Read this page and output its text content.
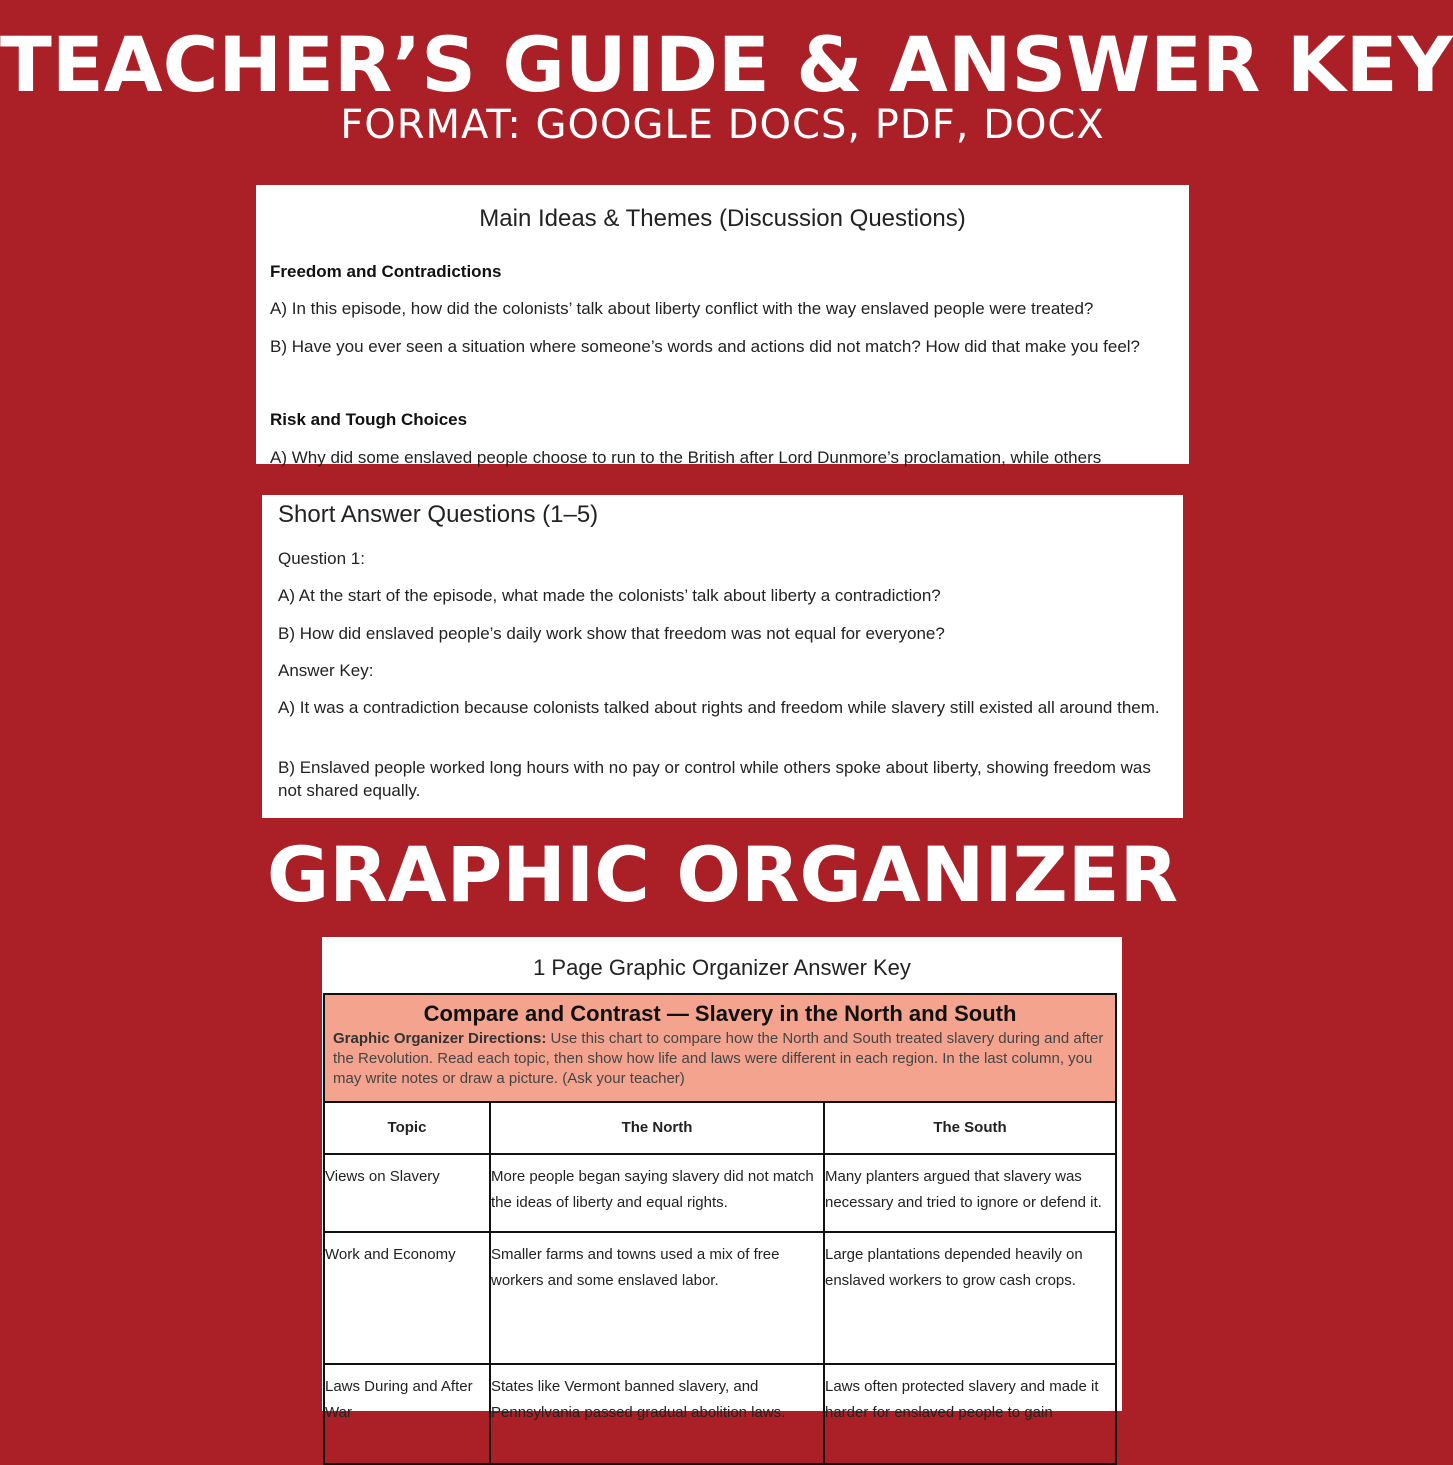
TEACHER’S GUIDE & ANSWER KEY
FORMAT: GOOGLE DOCS, PDF, DOCX
Main Ideas & Themes (Discussion Questions)
Freedom and Contradictions
A) In this episode, how did the colonists’ talk about liberty conflict with the way enslaved people were treated?
B) Have you ever seen a situation where someone’s words and actions did not match? How did that make you feel?
Risk and Tough Choices
A) Why did some enslaved people choose to run to the British after Lord Dunmore’s proclamation, while others
Short Answer Questions (1–5)
Question 1:
A) At the start of the episode, what made the colonists’ talk about liberty a contradiction?
B) How did enslaved people’s daily work show that freedom was not equal for everyone?
Answer Key:
A) It was a contradiction because colonists talked about rights and freedom while slavery still existed all around them.
B) Enslaved people worked long hours with no pay or control while others spoke about liberty, showing freedom was not shared equally.
GRAPHIC ORGANIZER
1 Page Graphic Organizer Answer Key
Compare and Contrast — Slavery in the North and South
Graphic Organizer Directions: Use this chart to compare how the North and South treated slavery during and after the Revolution. Read each topic, then show how life and laws were different in each region. In the last column, you may write notes or draw a picture. (Ask your teacher)
Topic	The North	The South
Views on Slavery	More people began saying slavery did not match the ideas of liberty and equal rights.	Many planters argued that slavery was necessary and tried to ignore or defend it.
Work and Economy	Smaller farms and towns used a mix of free workers and some enslaved labor.	Large plantations depended heavily on enslaved workers to grow cash crops.
Laws During and After War	States like Vermont banned slavery, and Pennsylvania passed gradual abolition laws.	Laws often protected slavery and made it harder for enslaved people to gain
